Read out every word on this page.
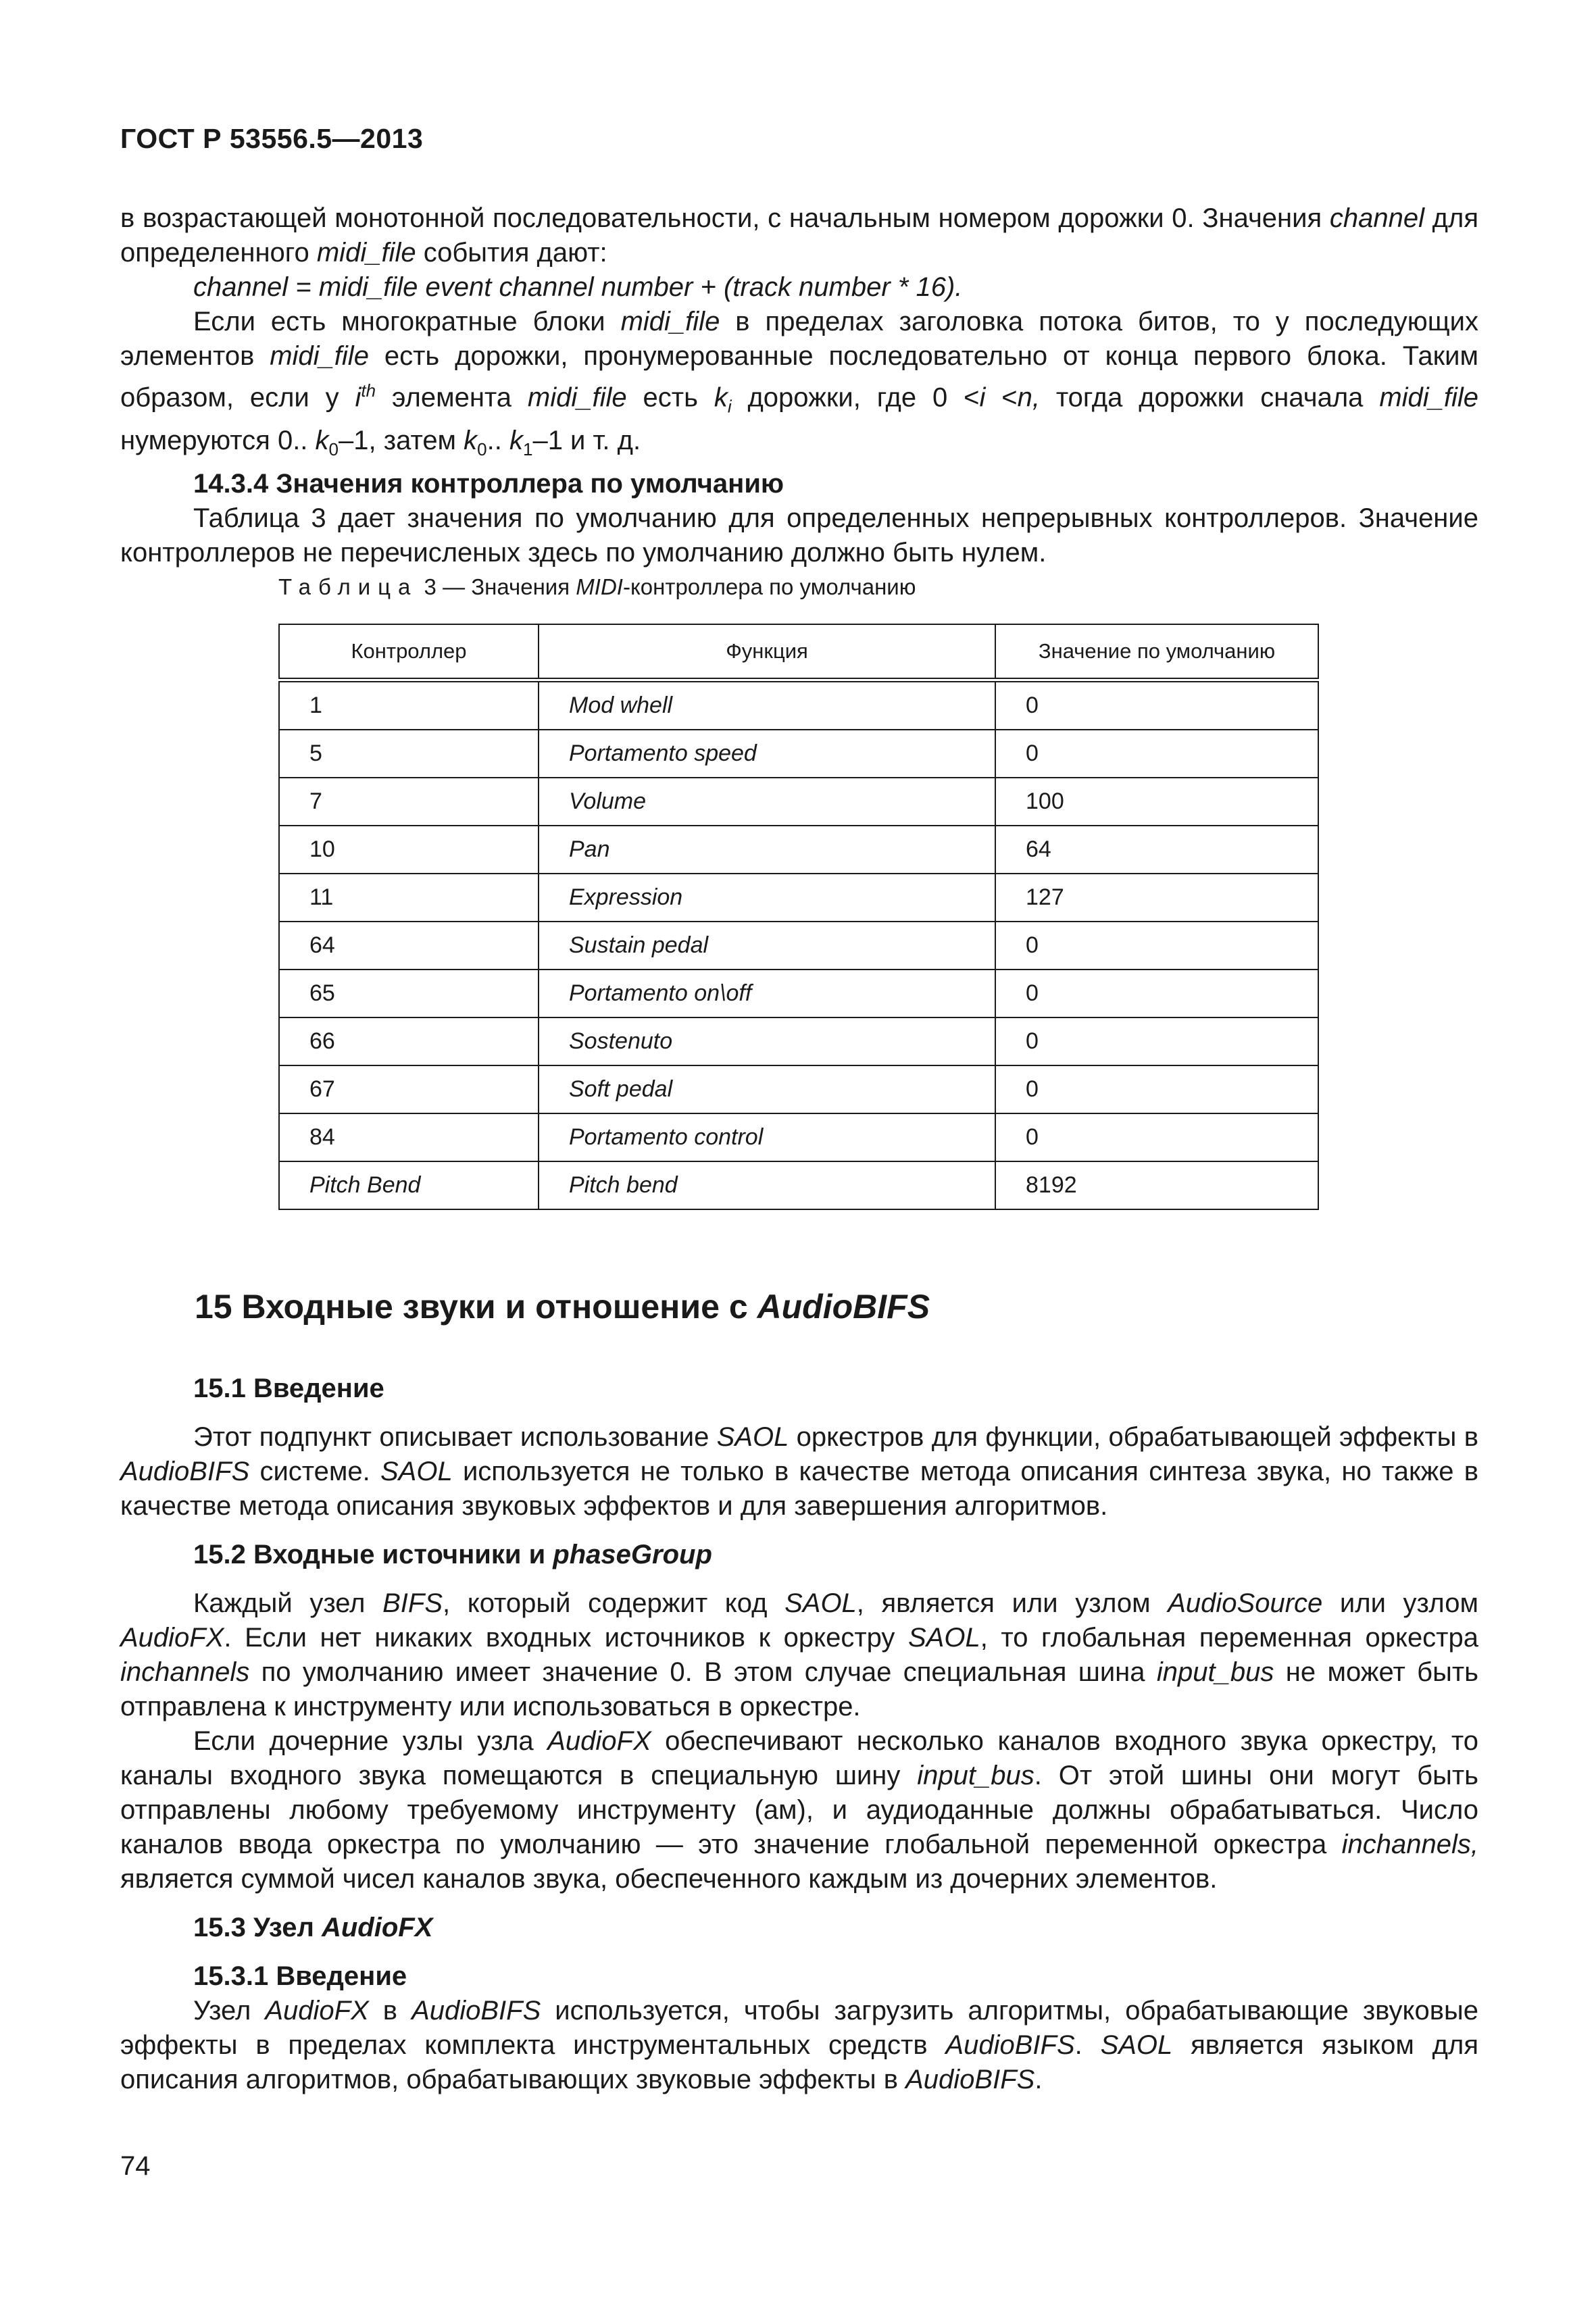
ГОСТ Р 53556.5—2013

в возрастающей монотонной последовательности, с начальным номером дорожки 0. Значения channel для определенного midi_file события дают:

channel = midi_file event channel number + (track number * 16).

Если есть многократные блоки midi_file в пределах заголовка потока битов, то у последующих элементов midi_file есть дорожки, пронумерованные последовательно от конца первого блока. Таким образом, если у $i^{th}$ элемента midi_file есть $k_i$ дорожки, где 0 <i <n, тогда дорожки сначала midi_file нумеруются 0.. $k_0-1$, затем $k_0$.. $k_1-1$ и т. д.

14.3.4 Значения контроллера по умолчанию

Таблица 3 дает значения по умолчанию для определенных непрерывных контроллеров. Значение контроллеров не перечисленых здесь по умолчанию должно быть нулем.

Таблица 3 — Значения MIDI-контроллера по умолчанию
Контроллер	Функция	Значение по умолчанию
1	Mod whell	0
5	Portamento speed	0
7	Volume	100
10	Pan	64
11	Expression	127
64	Sustain pedal	0
65	Portamento on\off	0
66	Sostenuto	0
67	Soft pedal	0
84	Portamento control	0
Pitch Bend	Pitch bend	8192
15 Входные звуки и отношение с AudioBIFS

15.1 Введение

Этот подпункт описывает использование SAOL оркестров для функции, обрабатывающей эффекты в AudioBIFS системе. SAOL используется не только в качестве метода описания синтеза звука, но также в качестве метода описания звуковых эффектов и для завершения алгоритмов.

15.2 Входные источники и phaseGroup

Каждый узел BIFS, который содержит код SAOL, является или узлом AudioSource или узлом AudioFX. Если нет никаких входных источников к оркестру SAOL, то глобальная переменная оркестра inchannels по умолчанию имеет значение 0. В этом случае специальная шина input_bus не может быть отправлена к инструменту или использоваться в оркестре.

Если дочерние узлы узла AudioFX обеспечивают несколько каналов входного звука оркестру, то каналы входного звука помещаются в специальную шину input_bus. От этой шины они могут быть отправлены любому требуемому инструменту (ам), и аудиоданные должны обрабатываться. Число каналов ввода оркестра по умолчанию — это значение глобальной переменной оркестра inchannels, является суммой чисел каналов звука, обеспеченного каждым из дочерних элементов.

15.3 Узел AudioFX

15.3.1 Введение

Узел AudioFX в AudioBIFS используется, чтобы загрузить алгоритмы, обрабатывающие звуковые эффекты в пределах комплекта инструментальных средств AudioBIFS. SAOL является языком для описания алгоритмов, обрабатывающих звуковые эффекты в AudioBIFS.

74
